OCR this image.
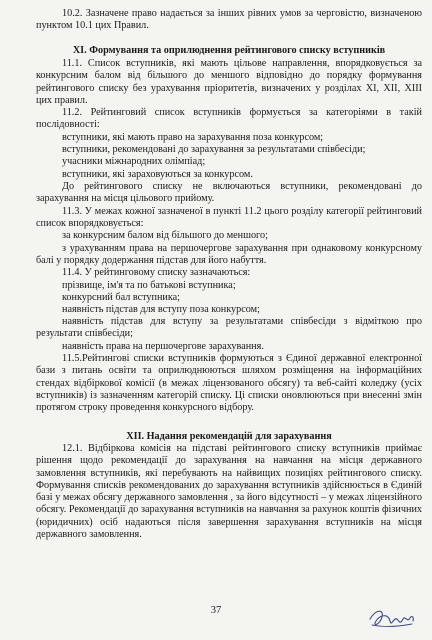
10.2. Зазначене право надається за інших рівних умов за черговістю, визначеною пунктом 10.1 цих Правил.

XI. Формування та оприлюднення рейтингового списку вступників

11.1. Список вступників, які мають цільове направлення, впорядковується за конкурсним балом від більшого до меншого відповідно до порядку формування рейтингового списку без урахування пріоритетів, визначених у розділах XI, XII, XIII цих правил.

11.2. Рейтинговий список вступників формується за категоріями в такій послідовності:

вступники, які мають право на зарахування поза конкурсом;

вступники, рекомендовані до зарахування за результатами співбесіди;

учасники міжнародних олімпіад;

вступники, які зараховуються за конкурсом.

До рейтингового списку не включаються вступники, рекомендовані до зарахування на місця цільового прийому.

11.3. У межах кожної зазначеної в пункті 11.2 цього розділу категорії рейтинговий список впорядковується:

за конкурсним балом від більшого до меншого;

з урахуванням права на першочергове зарахування при однаковому конкурсному балі у порядку додержання підстав для його набуття.

11.4. У рейтинговому списку зазначаються:

прізвище, ім'я та по батькові вступника;

конкурсний бал вступника;

наявність підстав для вступу поза конкурсом;

наявність підстав для вступу за результатами співбесіди з відміткою про результати співбесіди;

наявність права на першочергове зарахування.

11.5.Рейтингові списки вступників формуються з Єдиної державної електронної бази з питань освіти та оприлюднюються шляхом розміщення на інформаційних стендах відбіркової комісії (в межах ліцензованого обсягу) та веб-сайті коледжу (усіх вступників) із зазначенням категорій списку. Ці списки оновлюються при внесенні змін протягом строку проведення конкурсного відбору.

XII. Надання рекомендацій для зарахування

12.1. Відбіркова комісія на підставі рейтингового списку вступників приймає рішення щодо рекомендації до зарахування на навчання на місця державного замовлення вступників, які перебувають на найвищих позиціях рейтингового списку. Формування списків рекомендованих до зарахування вступників здійснюється в Єдиній базі у межах обсягу державного замовлення , за його відсутності – у межах ліцензійного обсягу. Рекомендації до зарахування вступників на навчання за рахунок коштів фізичних (юридичних) осіб надаються після завершення зарахування вступників на місця державного замовлення.

37
